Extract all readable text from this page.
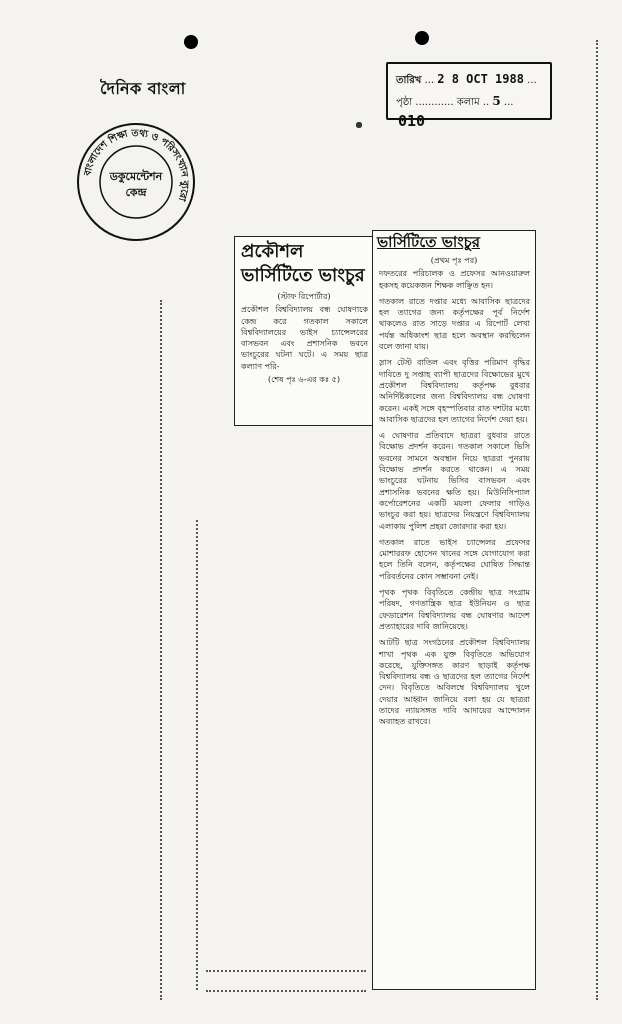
দৈনিক বাংলা	তারিখ ... 2 8 OCT 1988 ...
পৃষ্ঠা ............ কলাম .. 5 ...
010
বাংলাদেশ শিক্ষা তথ্য ও পরিসংখ্যান ব্যুরো
ডকুমেন্টেশন
কেন্দ্র
প্রকৌশল
ভার্সিটিতে ভাংচুর
(স্টাফ রিপোর্টার)
প্রকৌশল বিশ্ববিদ্যালয় বন্ধ ঘোষণাকে কেন্দ্র করে গতকাল সকালে বিশ্ববিদ্যালয়ের ভাইস চ্যান্সেলরের বাসভবন এবং প্রশাসনিক ভবনে ভাংচুরের ঘটনা ঘটে। এ সময় ছাত্র কল্যাণ পরি-
(শেষ পৃঃ ৬-এর কঃ ৫)
ভার্সিটিতে ভাংচুর
(প্রথম পৃঃ পর)
দফতরের পরিচালক ও প্রফেসর আনওয়ারুল হকসহ কয়েকজন শিক্ষক লাঞ্ছিত হন।
গতকাল রাতে দপ্তার মধ্যে আবাসিক ছাত্রদের হল ত্যাগের জন্য কর্তৃপক্ষের পূর্ব নির্দেশ থাকলেও রাত সাড়ে দপ্তার এ রিপোর্ট লেখা পর্যন্ত অধিকাংশ ছাত্র হলে অবস্থান করছিলেন বলে জানা যায়।
স্লাস টেস্ট বাতিল এবং বৃত্তির পরিমাণ বৃদ্ধির দাবিতে দু সপ্তাহ ব্যাপী ছাত্রদের বিক্ষোভের মুখে প্রকৌশল বিশ্ববিদ্যালয় কর্তৃপক্ষ বুধবার অনির্দিষ্টকালের জন্য বিশ্ববিদ্যালয় বন্ধ ঘোষণা করেন। একই সঙ্গে বৃহস্পতিবার রাত দশটার মধ্যে আবাসিক ছাত্রদের হল ত্যাগের নির্দেশ দেয়া হয়।
এ ঘোষণার প্রতিবাদে ছাত্ররা বুধবার রাতে বিক্ষোভ প্রদর্শন করেন। গতকাল সকালে ভিসি ভবনের সামনে অবস্থান নিয়ে ছাত্ররা পুনরায় বিক্ষোভ প্রদর্শন করতে থাকেন। এ সময় ভাংচুরের ঘটনায় ভিসির বাসভবন এবং প্রশাসনিক ভবনের ক্ষতি হয়। মিউনিসিপ্যাল কর্পোরেশনের একটি ময়লা ফেলার গাড়িও ভাংচুর করা হয়। ছাত্রদের নিয়ন্ত্রণে বিশ্ববিদ্যালয় এলাকায় পুলিশ প্রহরা জোরদার করা হয়।
গতকাল রাতে ভাইস চ্যান্সেলর প্রফেসর মোশাররফ হোসেন খানের সঙ্গে যোগাযোগ করা হলে তিনি বলেন, কর্তৃপক্ষের ঘোষিত সিদ্ধান্ত পরিবর্তনের কোন সম্ভাবনা নেই।
পৃথক পৃথক বিবৃতিতে কেন্দ্রীয় ছাত্র সংগ্রাম পরিষদ, গণতান্ত্রিক ছাত্র ইউনিয়ন ও ছাত্র ফেডারেশন বিশ্ববিদ্যালয় বন্ধ ঘোষণার আদেশ প্রত্যাহারের দাবি জানিয়েছে।
আটটি ছাত্র সংগঠনের প্রকৌশল বিশ্ববিদ্যালয় শাখা পৃথক এক যুক্ত বিবৃতিতে অভিযোগ করেছে, যুক্তিসঙ্গত কারণ ছাড়াই কর্তৃপক্ষ বিশ্ববিদ্যালয় বন্ধ ও ছাত্রদের হল ত্যাগের নির্দেশ দেন। বিবৃতিতে অবিলম্বে বিশ্ববিদ্যালয় খুলে দেয়ার আহ্বান জানিয়ে বলা হয় যে ছাত্ররা তাদের ন্যায়সঙ্গত দাবি আদায়ের আন্দোলন অব্যাহত রাখবে।
